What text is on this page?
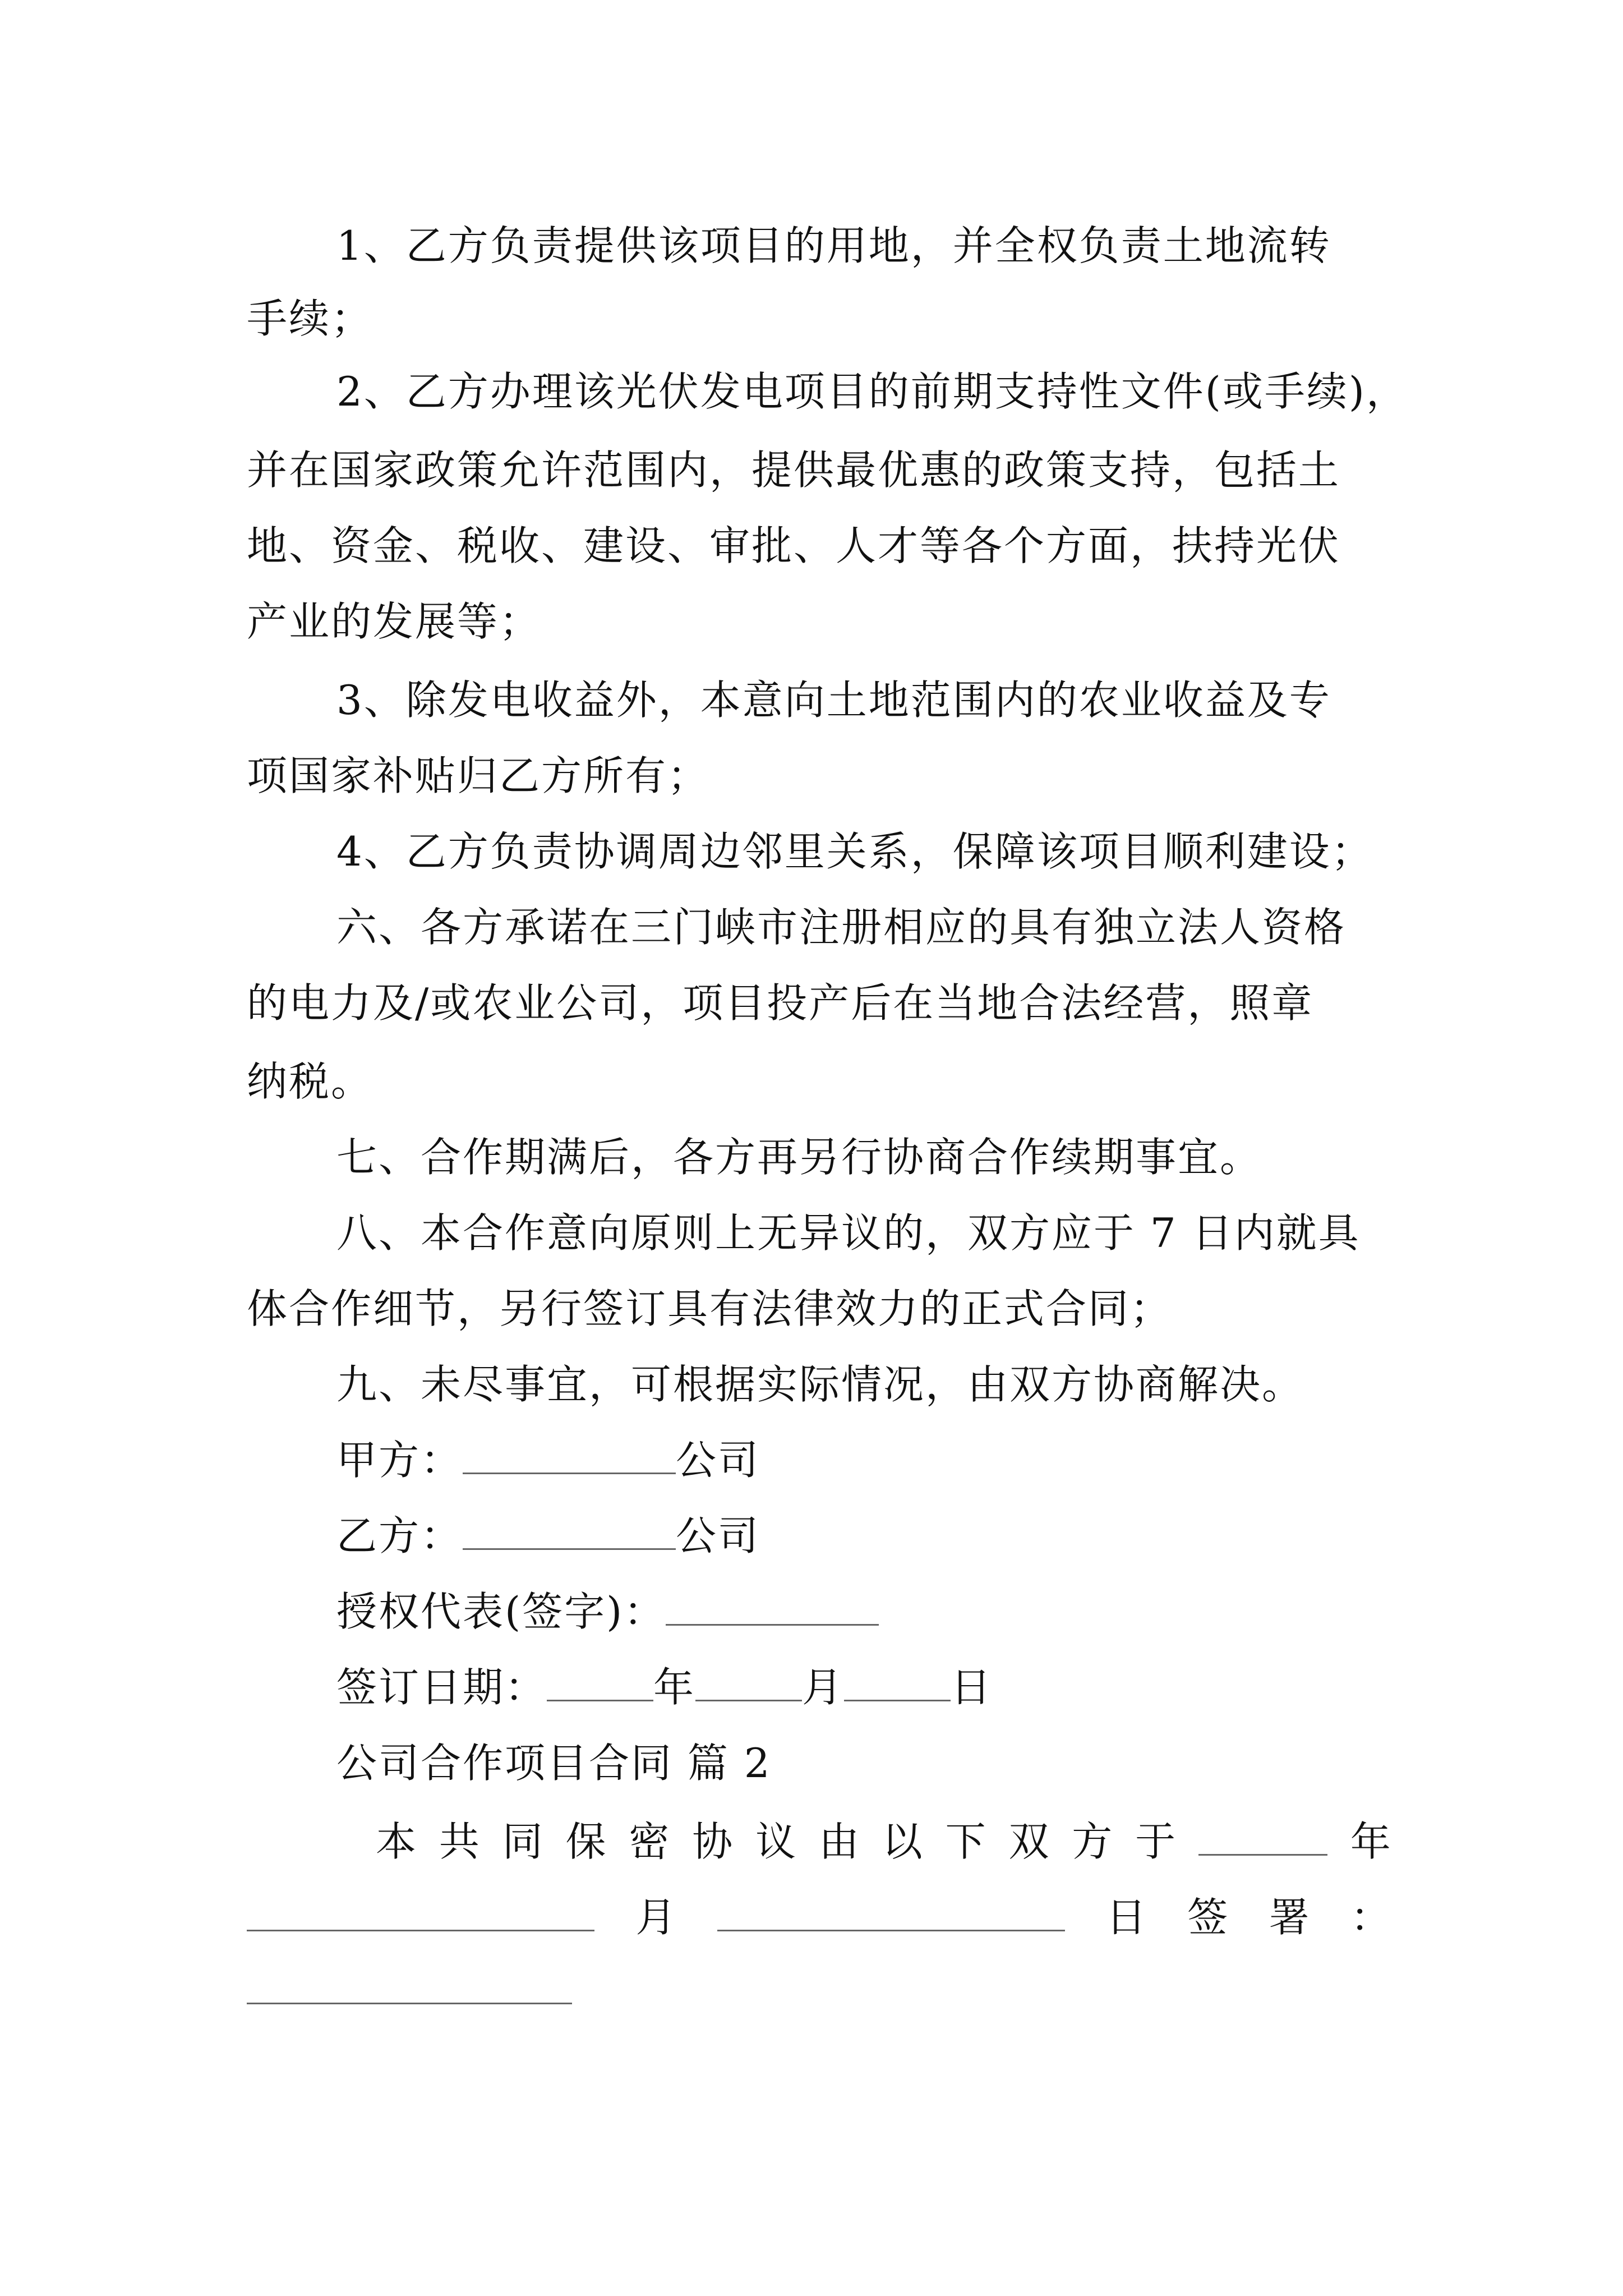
1、乙方负责提供该项目的用地，并全权负责土地流转
手续；
2、乙方办理该光伏发电项目的前期支持性文件(或手续)，
并在国家政策允许范围内，提供最优惠的政策支持，包括土
地、资金、税收、建设、审批、人才等各个方面，扶持光伏
产业的发展等；
3、除发电收益外，本意向土地范围内的农业收益及专
项国家补贴归乙方所有；
4、乙方负责协调周边邻里关系，保障该项目顺利建设；
六、各方承诺在三门峡市注册相应的具有独立法人资格
的电力及/或农业公司，项目投产后在当地合法经营，照章
纳税。
七、合作期满后，各方再另行协商合作续期事宜。
八、本合作意向原则上无异议的，双方应于 7 日内就具
体合作细节，另行签订具有法律效力的正式合同；
九、未尽事宜，可根据实际情况，由双方协商解决。
甲方：	公司
乙方：	公司
授权代表(签字)：
签订日期：	年	月	日
公司合作项目合同 篇 2
本 共 同 保 密 协 议 由 以 下 双 方 于	年
月	日 签 署 ：
